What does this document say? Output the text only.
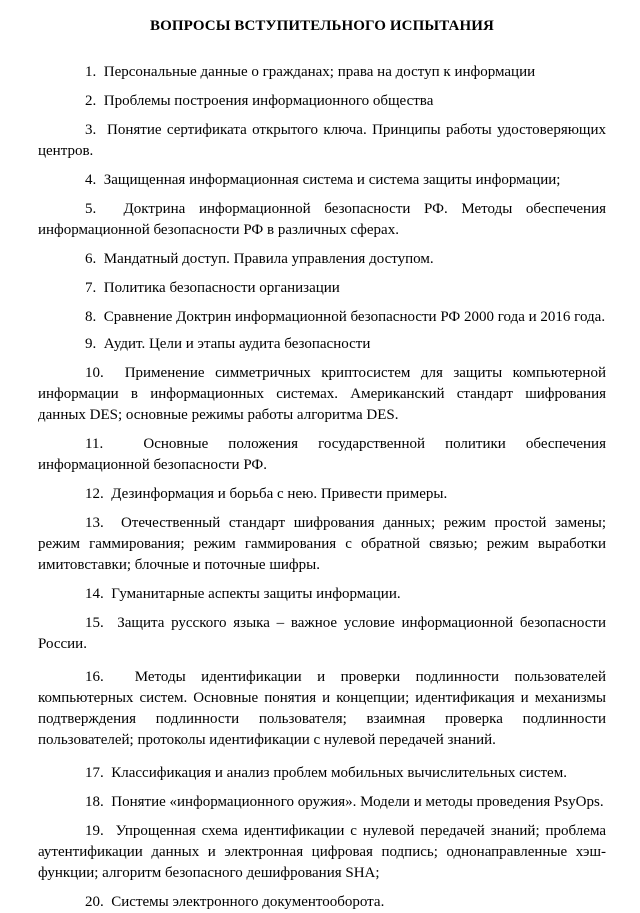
ВОПРОСЫ ВСТУПИТЕЛЬНОГО ИСПЫТАНИЯ

1. Персональные данные о гражданах; права на доступ к информации

2. Проблемы построения информационного общества

3. Понятие сертификата открытого ключа. Принципы работы удостоверяющих центров.

4. Защищенная информационная система и система защиты информации;

5. Доктрина информационной безопасности РФ. Методы обеспечения информационной безопасности РФ в различных сферах.

6. Мандатный доступ. Правила управления доступом.

7. Политика безопасности организации

8. Сравнение Доктрин информационной безопасности РФ 2000 года и 2016 года.

9. Аудит. Цели и этапы аудита безопасности

10. Применение симметричных криптосистем для защиты компьютерной информации в информационных системах. Американский стандарт шифрования данных DES; основные режимы работы алгоритма DES.

11.	Основные положения государственной политики обеспечения информационной безопасности РФ.

12. Дезинформация и борьба с нею. Привести примеры.

13. Отечественный стандарт шифрования данных; режим простой замены; режим гаммирования; режим гаммирования с обратной связью; режим выработки имитовставки; блочные и поточные шифры.

14. Гуманитарные аспекты защиты информации.

15. Защита русского языка – важное условие информационной безопасности России.

16. Методы идентификации и проверки подлинности пользователей компьютерных систем. Основные понятия и концепции; идентификация и механизмы подтверждения подлинности пользователя; взаимная проверка подлинности пользователей; протоколы идентификации с нулевой передачей знаний.

17. Классификация и анализ проблем мобильных вычислительных систем.

18. Понятие «информационного оружия». Модели и методы проведения PsyOps.

19. Упрощенная схема идентификации с нулевой передачей знаний; проблема аутентификации данных и электронная цифровая подпись; однонаправленные хэш-функции; алгоритм безопасного дешифрования SHA;

20. Системы электронного документооборота.
